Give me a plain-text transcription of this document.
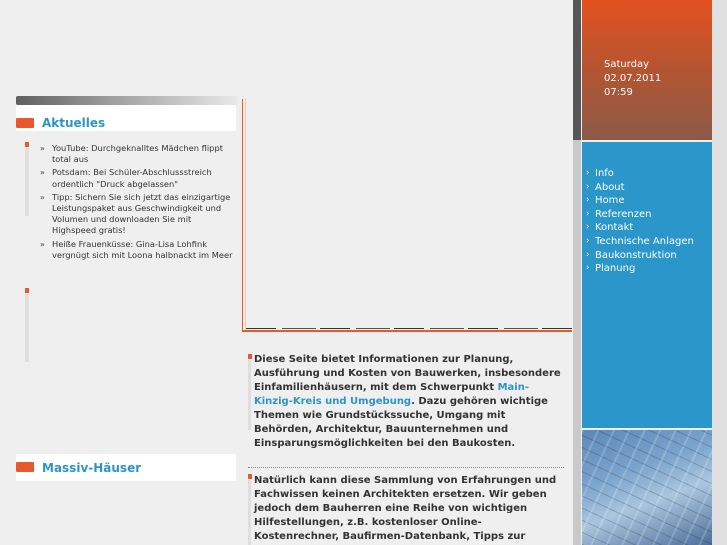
Aktuelles
» YouTube: Durchgeknalltes Mädchen flippt total aus
» Potsdam: Bei Schüler-Abschlussstreich ordentlich "Druck abgelassen"
» Tipp: Sichern Sie sich jetzt das einzigartige Leistungspaket aus Geschwindigkeit und Volumen und downloaden Sie mit Highspeed gratis!
» Heiße Frauenküsse: Gina-Lisa Lohfink vergnügt sich mit Loona halbnackt im Meer
Massiv-Häuser
Diese Seite bietet Informationen zur Planung, Ausführung und Kosten von Bauwerken, insbesondere Einfamilienhäusern, mit dem Schwerpunkt Main-Kinzig-Kreis und Umgebung. Dazu gehören wichtige Themen wie Grundstückssuche, Umgang mit Behörden, Architektur, Bauunternehmen und Einsparungsmöglichkeiten bei den Baukosten.
Natürlich kann diese Sammlung von Erfahrungen und Fachwissen keinen Architekten ersetzen. Wir geben jedoch dem Bauherren eine Reihe von wichtigen Hilfestellungen, z.B. kostenloser Online-Kostenrechner, Baufirmen-Datenbank, Tipps zur
Saturday
02.07.2011
07:59
› Info
› About
› Home
› Referenzen
› Kontakt
› Technische Anlagen
› Baukonstruktion
› Planung
